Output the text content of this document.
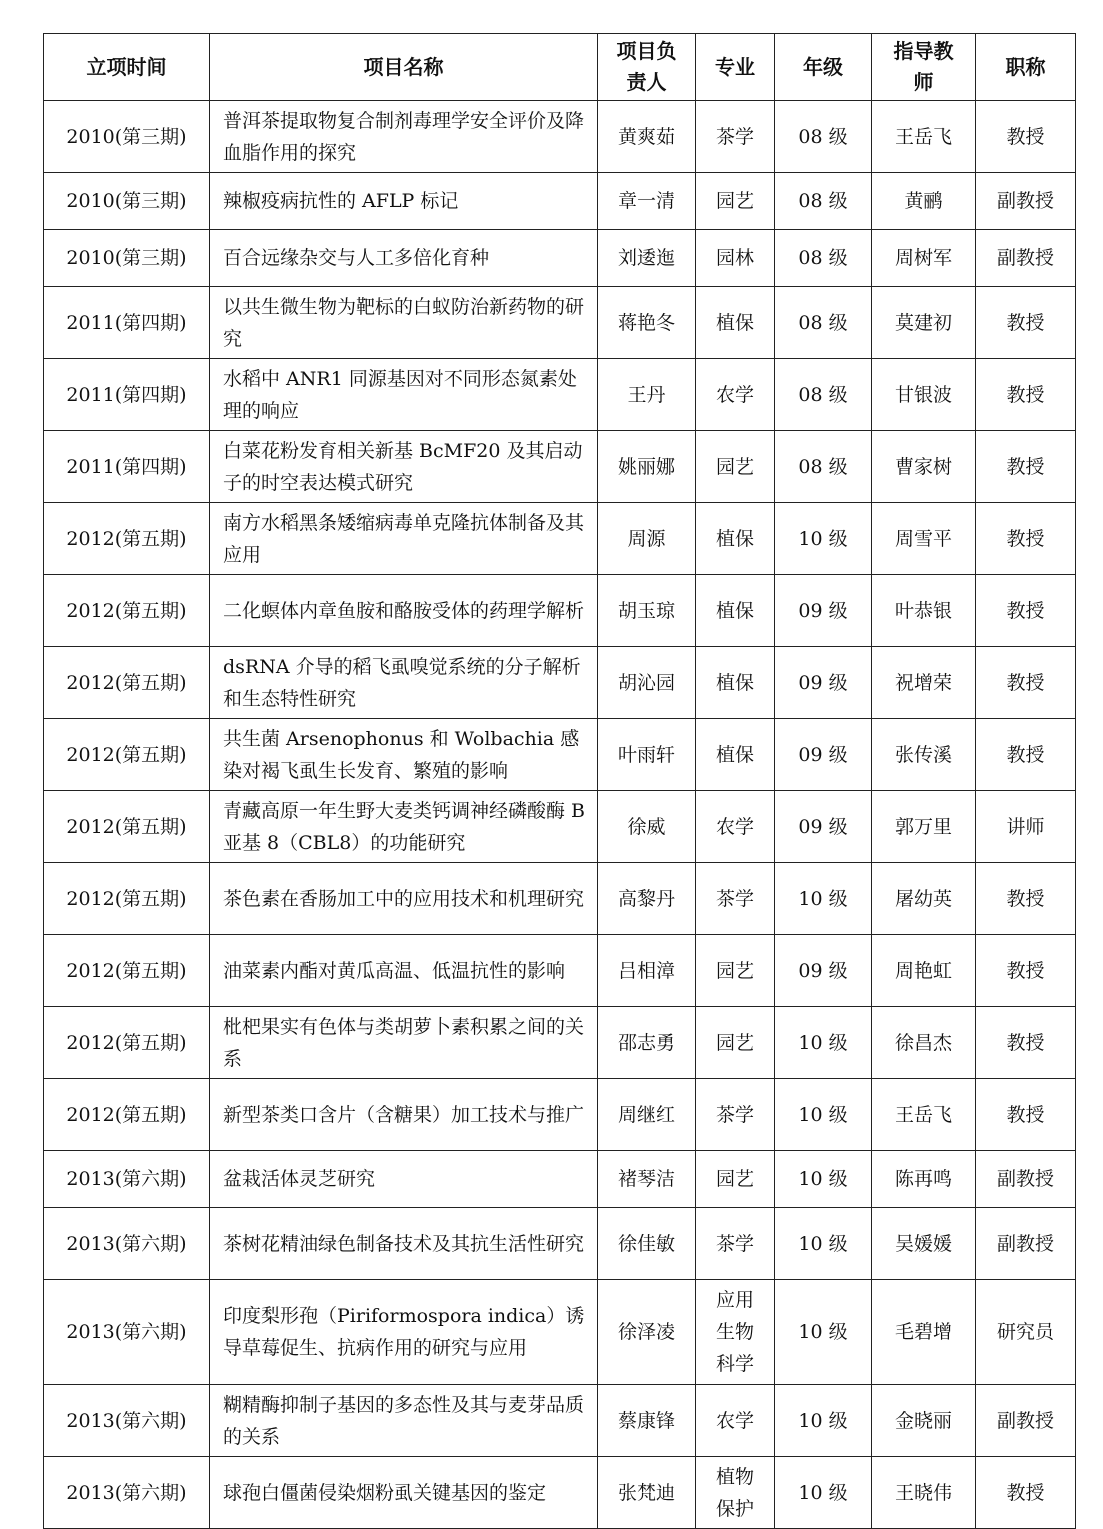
立项时间	项目名称	项目负责人	专业	年级	指导教师	职称
2010(第三期)	普洱茶提取物复合制剂毒理学安全评价及降血脂作用的探究	黄爽茹	茶学	08 级	王岳飞	教授
2010(第三期)	辣椒疫病抗性的 AFLP 标记	章一清	园艺	08 级	黄鹂	副教授
2010(第三期)	百合远缘杂交与人工多倍化育种	刘逶迤	园林	08 级	周树军	副教授
2011(第四期)	以共生微生物为靶标的白蚁防治新药物的研究	蒋艳冬	植保	08 级	莫建初	教授
2011(第四期)	水稻中 ANR1 同源基因对不同形态氮素处理的响应	王丹	农学	08 级	甘银波	教授
2011(第四期)	白菜花粉发育相关新基 BcMF20 及其启动子的时空表达模式研究	姚丽娜	园艺	08 级	曹家树	教授
2012(第五期)	南方水稻黑条矮缩病毒单克隆抗体制备及其应用	周源	植保	10 级	周雪平	教授
2012(第五期)	二化螟体内章鱼胺和酪胺受体的药理学解析	胡玉琼	植保	09 级	叶恭银	教授
2012(第五期)	dsRNA 介导的稻飞虱嗅觉系统的分子解析和生态特性研究	胡沁园	植保	09 级	祝增荣	教授
2012(第五期)	共生菌 Arsenophonus 和 Wolbachia 感染对褐飞虱生长发育、繁殖的影响	叶雨轩	植保	09 级	张传溪	教授
2012(第五期)	青藏高原一年生野大麦类钙调神经磷酸酶 B 亚基 8（CBL8）的功能研究	徐威	农学	09 级	郭万里	讲师
2012(第五期)	茶色素在香肠加工中的应用技术和机理研究	高黎丹	茶学	10 级	屠幼英	教授
2012(第五期)	油菜素内酯对黄瓜高温、低温抗性的影响	吕相漳	园艺	09 级	周艳虹	教授
2012(第五期)	枇杷果实有色体与类胡萝卜素积累之间的关系	邵志勇	园艺	10 级	徐昌杰	教授
2012(第五期)	新型茶类口含片（含糖果）加工技术与推广	周继红	茶学	10 级	王岳飞	教授
2013(第六期)	盆栽活体灵芝研究	褚琴洁	园艺	10 级	陈再鸣	副教授
2013(第六期)	茶树花精油绿色制备技术及其抗生活性研究	徐佳敏	茶学	10 级	吴媛媛	副教授
2013(第六期)	印度梨形孢（Piriformospora indica）诱导草莓促生、抗病作用的研究与应用	徐泽凌	应用生物科学	10 级	毛碧增	研究员
2013(第六期)	糊精酶抑制子基因的多态性及其与麦芽品质的关系	蔡康锋	农学	10 级	金晓丽	副教授
2013(第六期)	球孢白僵菌侵染烟粉虱关键基因的鉴定	张梵迪	植物保护	10 级	王晓伟	教授
